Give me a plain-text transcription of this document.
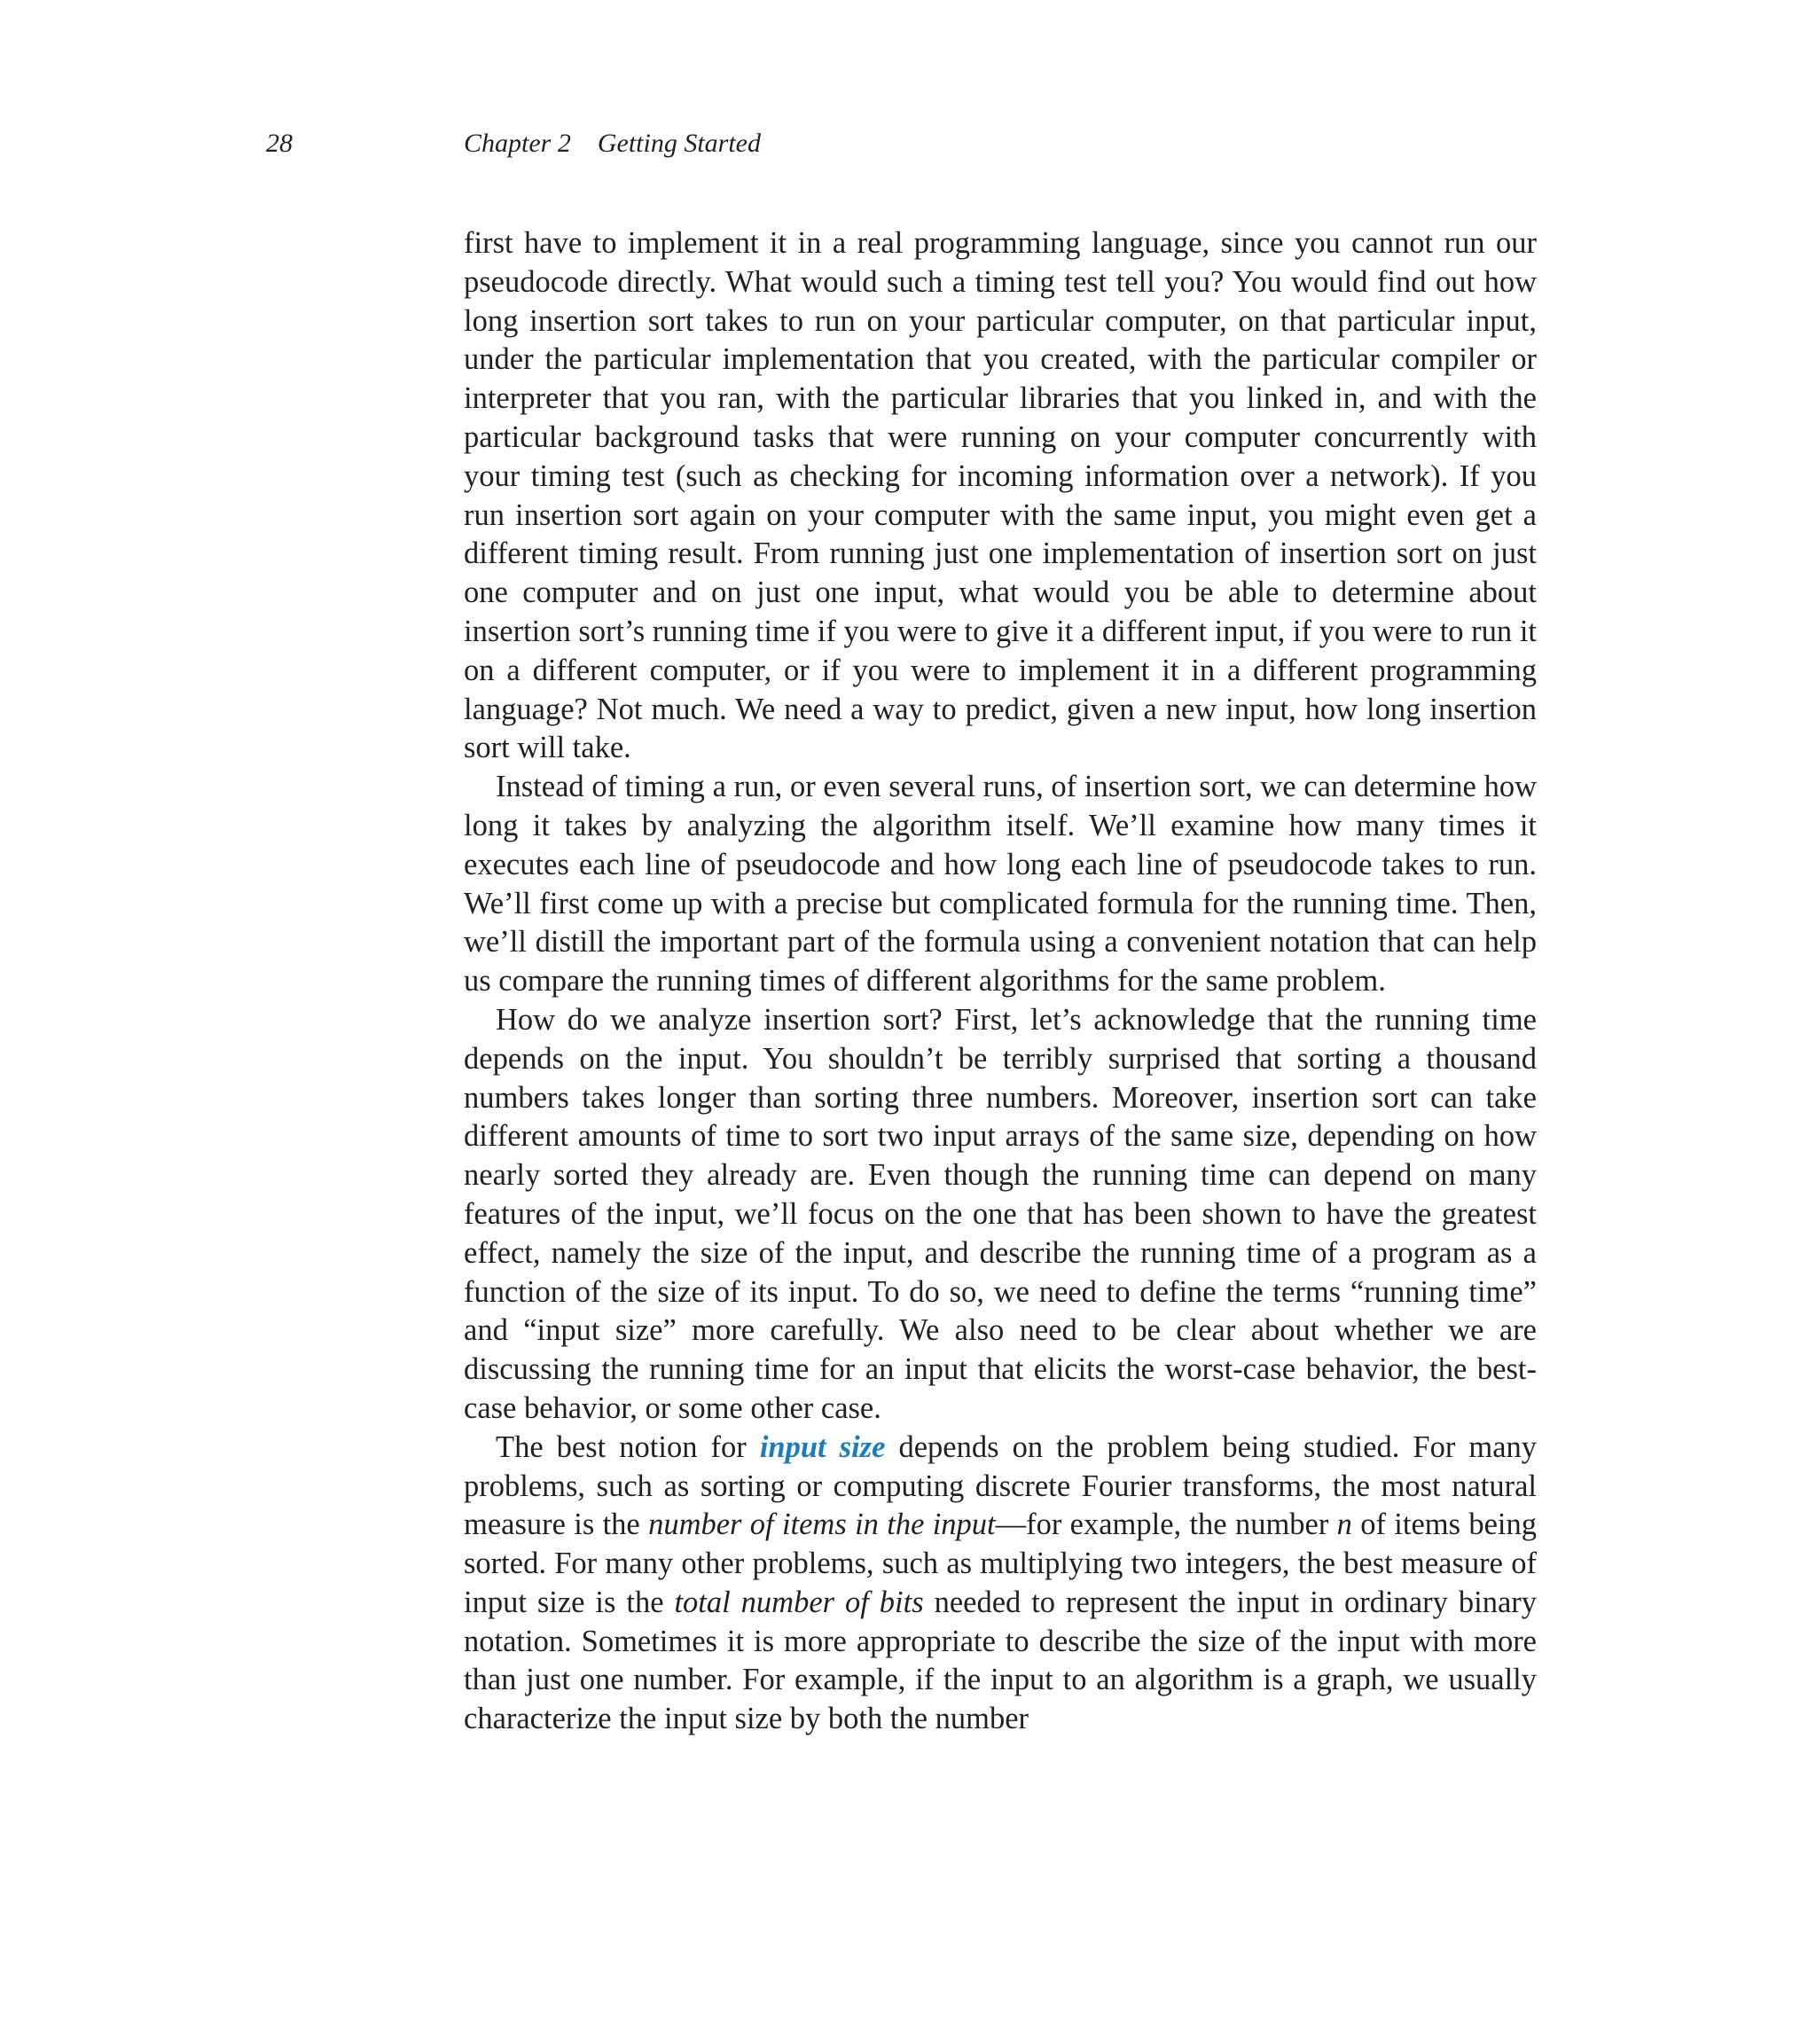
28	Chapter 2 Getting Started

first have to implement it in a real programming language, since you cannot run our pseudocode directly. What would such a timing test tell you? You would find out how long insertion sort takes to run on your particular computer, on that particular input, under the particular implementation that you created, with the particular compiler or interpreter that you ran, with the particular libraries that you linked in, and with the particular background tasks that were running on your computer concurrently with your timing test (such as checking for incoming information over a network). If you run insertion sort again on your computer with the same input, you might even get a different timing result. From running just one implementation of insertion sort on just one computer and on just one input, what would you be able to determine about insertion sort’s running time if you were to give it a different input, if you were to run it on a different computer, or if you were to implement it in a different programming language? Not much. We need a way to predict, given a new input, how long insertion sort will take.

Instead of timing a run, or even several runs, of insertion sort, we can determine how long it takes by analyzing the algorithm itself. We’ll examine how many times it executes each line of pseudocode and how long each line of pseudocode takes to run. We’ll first come up with a precise but complicated formula for the running time. Then, we’ll distill the important part of the formula using a convenient notation that can help us compare the running times of different algorithms for the same problem.

How do we analyze insertion sort? First, let’s acknowledge that the running time depends on the input. You shouldn’t be terribly surprised that sorting a thousand numbers takes longer than sorting three numbers. Moreover, insertion sort can take different amounts of time to sort two input arrays of the same size, depending on how nearly sorted they already are. Even though the running time can depend on many features of the input, we’ll focus on the one that has been shown to have the greatest effect, namely the size of the input, and describe the running time of a program as a function of the size of its input. To do so, we need to define the terms “running time” and “input size” more carefully. We also need to be clear about whether we are discussing the running time for an input that elicits the worst-case behavior, the best-case behavior, or some other case.

The best notion for input size depends on the problem being studied. For many problems, such as sorting or computing discrete Fourier transforms, the most natural measure is the number of items in the input—for example, the number n of items being sorted. For many other problems, such as multiplying two integers, the best measure of input size is the total number of bits needed to represent the input in ordinary binary notation. Sometimes it is more appropriate to describe the size of the input with more than just one number. For example, if the input to an algorithm is a graph, we usually characterize the input size by both the number
